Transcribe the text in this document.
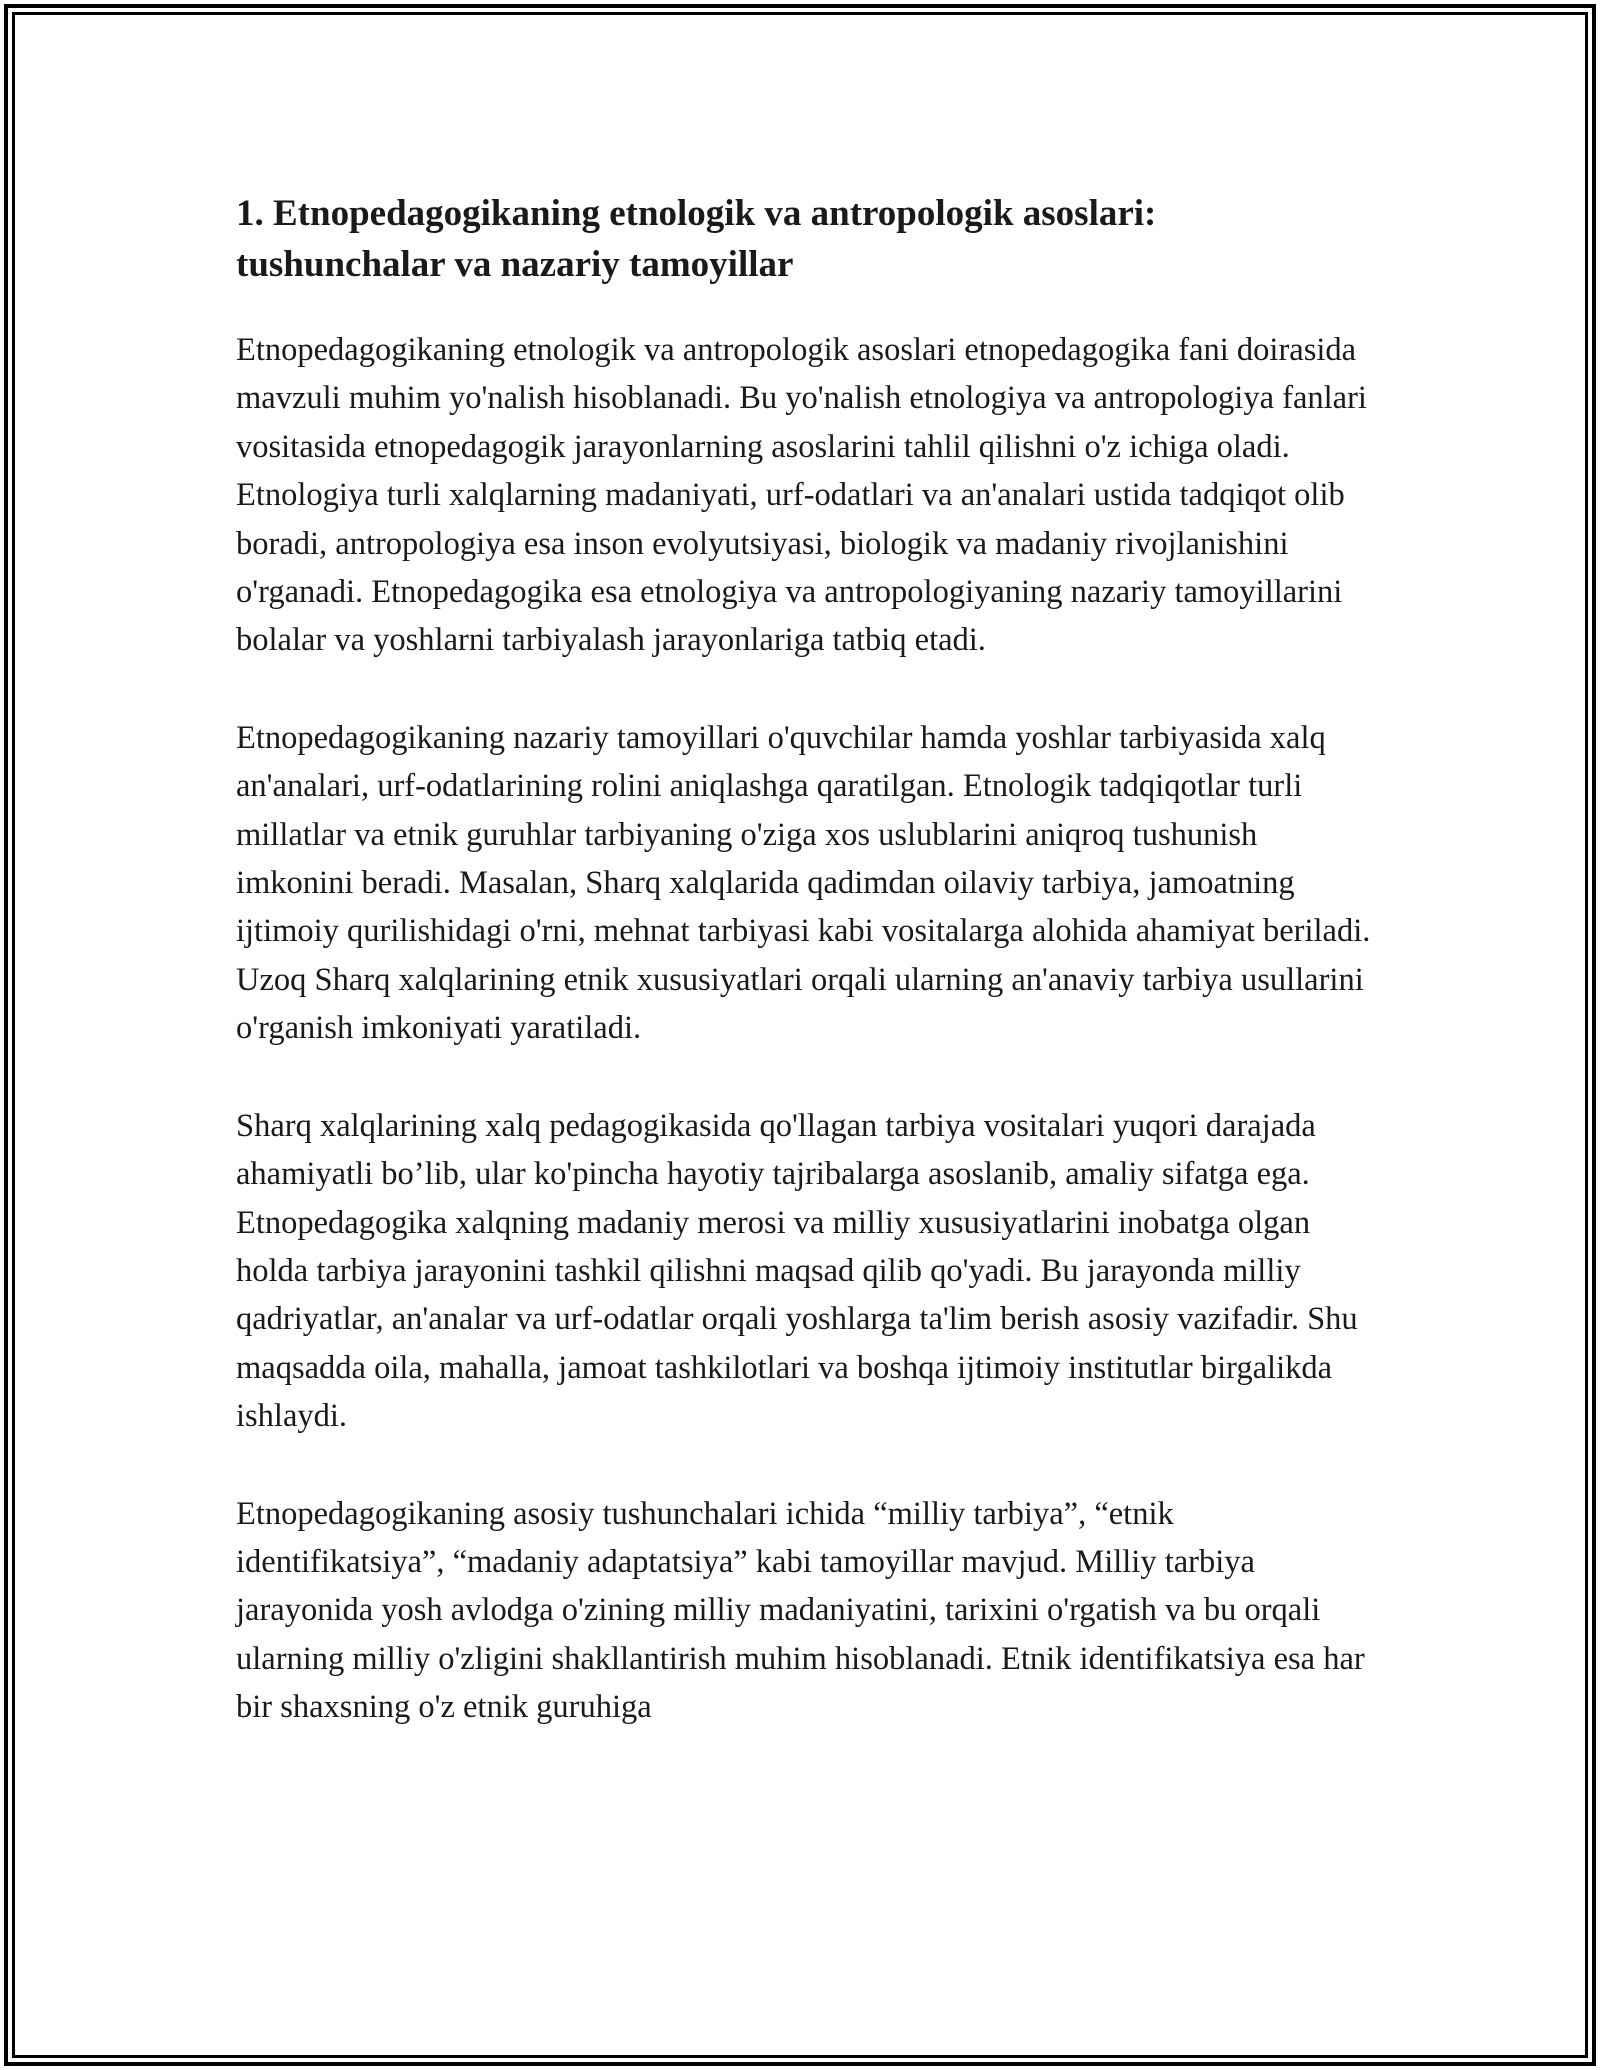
1. Etnopedagogikaning etnologik va antropologik asoslari:
tushunchalar va nazariy tamoyillar

Etnopedagogikaning etnologik va antropologik asoslari etnopedagogika fani doirasida mavzuli muhim yo'nalish hisoblanadi. Bu yo'nalish etnologiya va antropologiya fanlari vositasida etnopedagogik jarayonlarning asoslarini tahlil qilishni o'z ichiga oladi. Etnologiya turli xalqlarning madaniyati, urf-odatlari va an'analari ustida tadqiqot olib boradi, antropologiya esa inson evolyutsiyasi, biologik va madaniy rivojlanishini o'rganadi. Etnopedagogika esa etnologiya va antropologiyaning nazariy tamoyillarini bolalar va yoshlarni tarbiyalash jarayonlariga tatbiq etadi.

Etnopedagogikaning nazariy tamoyillari o'quvchilar hamda yoshlar tarbiyasida xalq an'analari, urf-odatlarining rolini aniqlashga qaratilgan. Etnologik tadqiqotlar turli millatlar va etnik guruhlar tarbiyaning o'ziga xos uslublarini aniqroq tushunish imkonini beradi. Masalan, Sharq xalqlarida qadimdan oilaviy tarbiya, jamoatning ijtimoiy qurilishidagi o'rni, mehnat tarbiyasi kabi vositalarga alohida ahamiyat beriladi. Uzoq Sharq xalqlarining etnik xususiyatlari orqali ularning an'anaviy tarbiya usullarini o'rganish imkoniyati yaratiladi.

Sharq xalqlarining xalq pedagogikasida qo'llagan tarbiya vositalari yuqori darajada ahamiyatli bo’lib, ular ko'pincha hayotiy tajribalarga asoslanib, amaliy sifatga ega. Etnopedagogika xalqning madaniy merosi va milliy xususiyatlarini inobatga olgan holda tarbiya jarayonini tashkil qilishni maqsad qilib qo'yadi. Bu jarayonda milliy qadriyatlar, an'analar va urf-odatlar orqali yoshlarga ta'lim berish asosiy vazifadir. Shu maqsadda oila, mahalla, jamoat tashkilotlari va boshqa ijtimoiy institutlar birgalikda ishlaydi.

Etnopedagogikaning asosiy tushunchalari ichida “milliy tarbiya”, “etnik identifikatsiya”, “madaniy adaptatsiya” kabi tamoyillar mavjud. Milliy tarbiya jarayonida yosh avlodga o'zining milliy madaniyatini, tarixini o'rgatish va bu orqali ularning milliy o'zligini shakllantirish muhim hisoblanadi. Etnik identifikatsiya esa har bir shaxsning o'z etnik guruhiga
